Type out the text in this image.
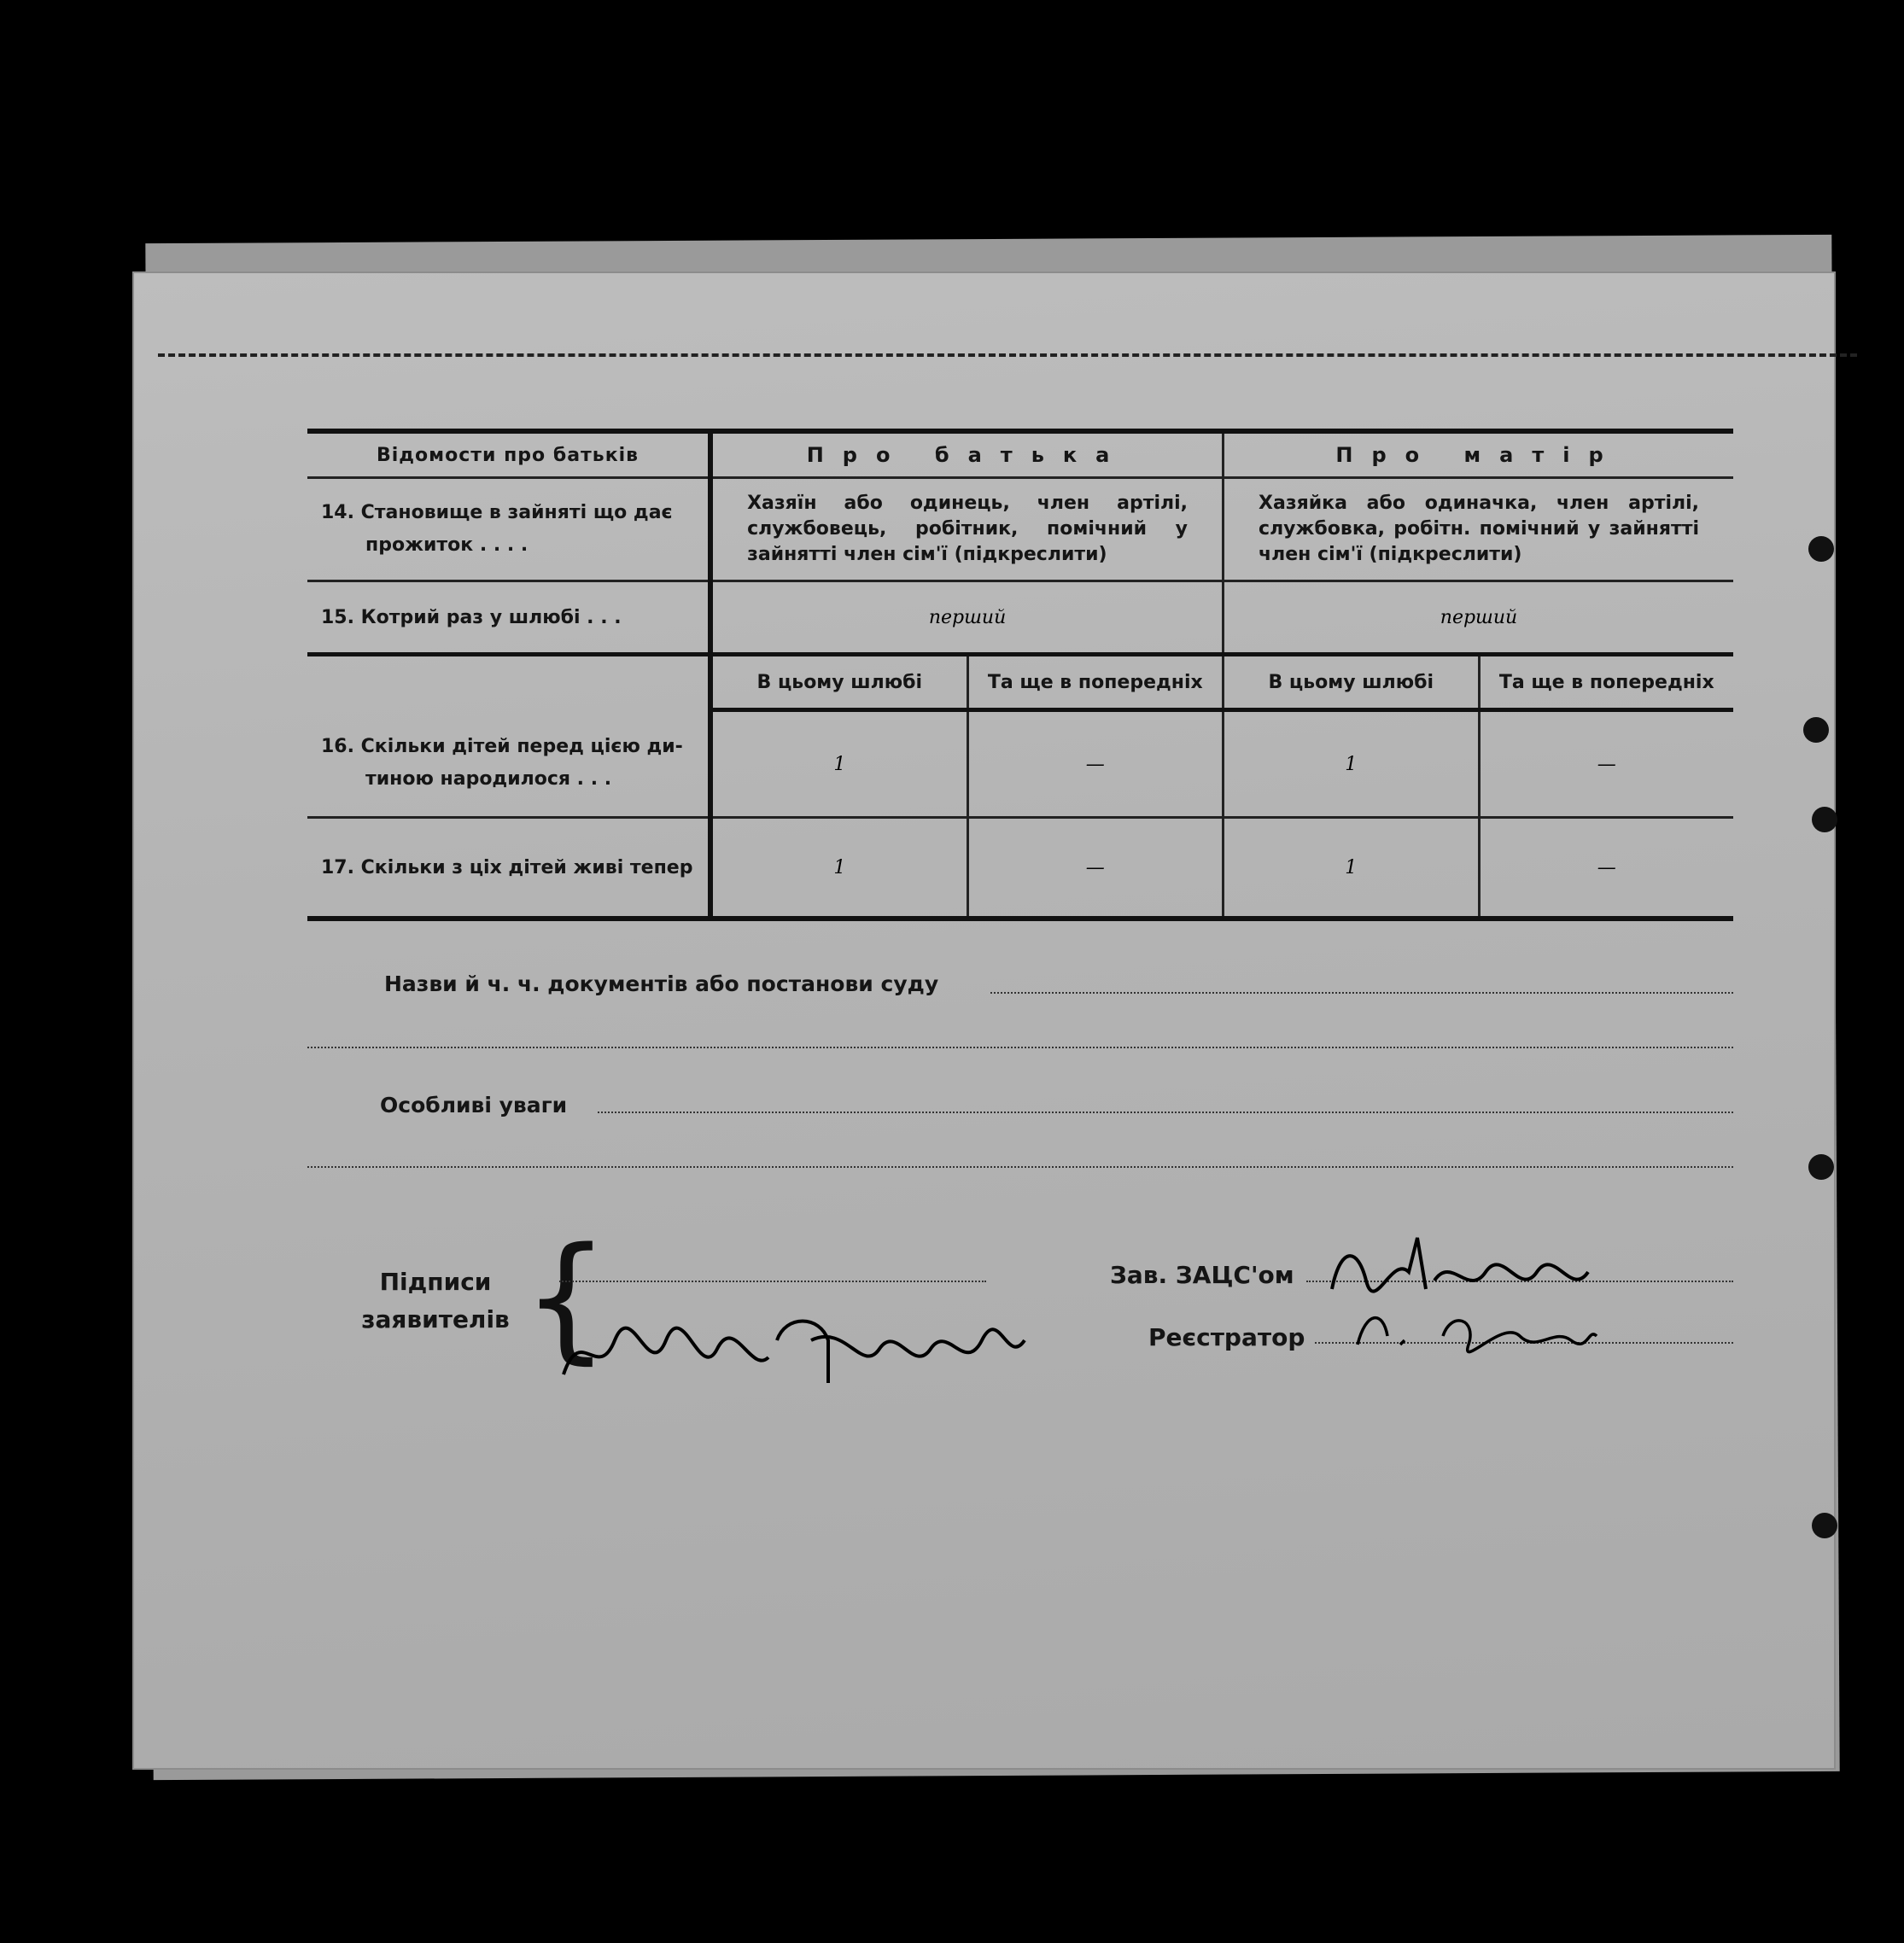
Відомости про батьків	Про батька		Про матір	

14. Становище в зайняті що дає
прожиток . . . .	Хазяїн або одинець, член артілі, службовець, робітник, помічний у зайнятті член сім'ї (підкреслити)		Хазяйка або одиначка, член артілі, службовка, робітн. помічний у зайнятті член сім'ї (підкреслити)	

15. Котрий раз у шлюбі . . .	перший		перший	
	В цьому шлюбі	Та ще в попередніх	В цьому шлюбі	Та ще в попередніх

16. Скільки дітей перед цією ди-
тиною народилося . . .	1	—	1	—
17. Скільки з ціх дітей живі тепер	1	—	1	—
Назви й ч. ч. документів або постанови суду
Особливі уваги
Підписи
заявителів {	Зав. ЗАЦС'ом
Реєстратор
